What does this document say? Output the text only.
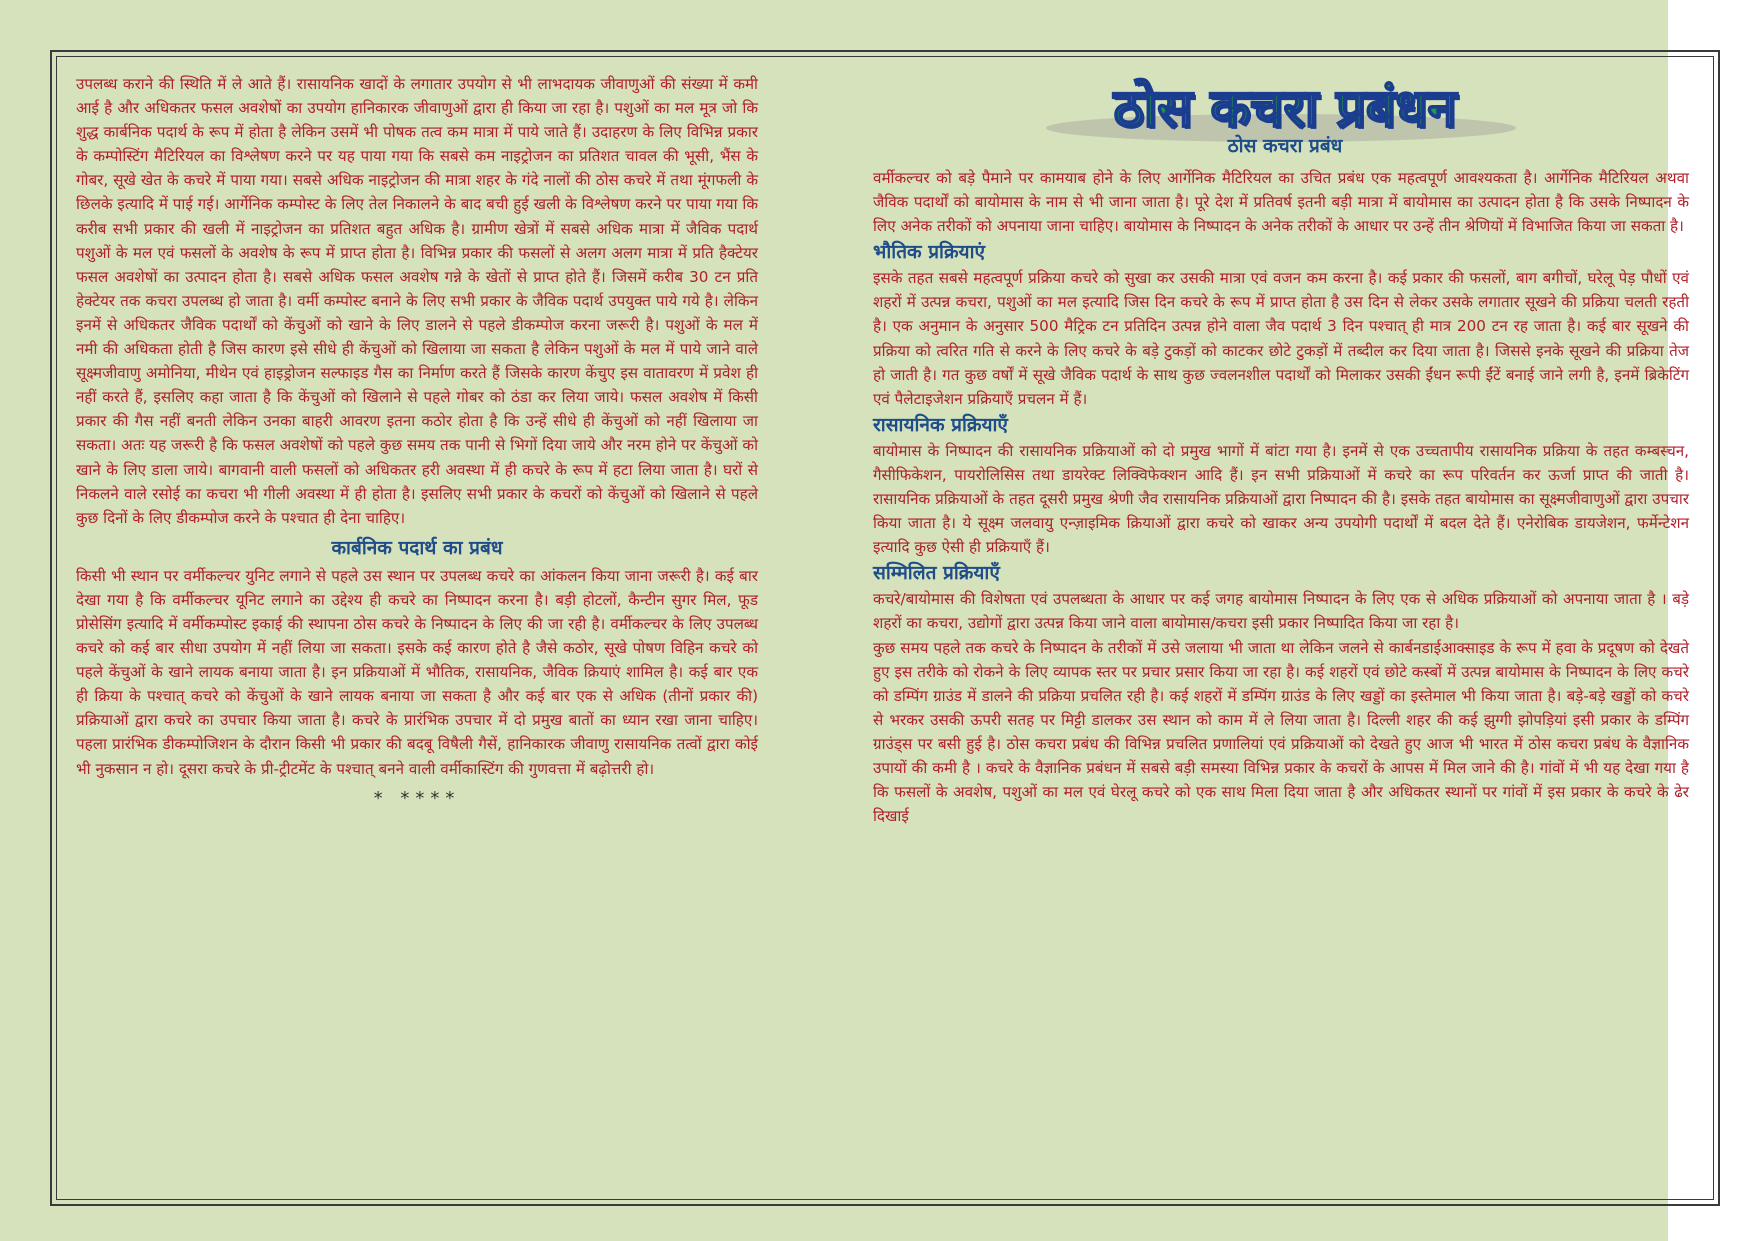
उपलब्ध कराने की स्थिति में ले आते हैं। रासायनिक खादों के लगातार उपयोग से भी लाभदायक जीवाणुओं की संख्या में कमी आई है और अधिकतर फसल अवशेषों का उपयोग हानिकारक जीवाणुओं द्वारा ही किया जा रहा है। पशुओं का मल मूत्र जो कि शुद्ध कार्बनिक पदार्थ के रूप में होता है लेकिन उसमें भी पोषक तत्व कम मात्रा में पाये जाते हैं। उदाहरण के लिए विभिन्न प्रकार के कम्पोस्टिंग मैटिरियल का विश्लेषण करने पर यह पाया गया कि सबसे कम नाइट्रोजन का प्रतिशत चावल की भूसी, भैंस के गोबर, सूखे खेत के कचरे में पाया गया। सबसे अधिक नाइट्रोजन की मात्रा शहर के गंदे नालों की ठोस कचरे में तथा मूंगफली के छिलके इत्यादि में पाई गई। आर्गेनिक कम्पोस्ट के लिए तेल निकालने के बाद बची हुई खली के विश्लेषण करने पर पाया गया कि करीब सभी प्रकार की खली में नाइट्रोजन का प्रतिशत बहुत अधिक है। ग्रामीण खेत्रों में सबसे अधिक मात्रा में जैविक पदार्थ पशुओं के मल एवं फसलों के अवशेष के रूप में प्राप्त होता है। विभिन्न प्रकार की फसलों से अलग अलग मात्रा में प्रति हैक्टेयर फसल अवशेषों का उत्पादन होता है। सबसे अधिक फसल अवशेष गन्ने के खेतों से प्राप्त होते हैं। जिसमें करीब 30 टन प्रति हेक्टेयर तक कचरा उपलब्ध हो जाता है। वर्मी कम्पोस्ट बनाने के लिए सभी प्रकार के जैविक पदार्थ उपयुक्त पाये गये है। लेकिन इनमें से अधिकतर जैविक पदार्थों को केंचुओं को खाने के लिए डालने से पहले डीकम्पोज करना जरूरी है। पशुओं के मल में नमी की अधिकता होती है जिस कारण इसे सीधे ही केंचुओं को खिलाया जा सकता है लेकिन पशुओं के मल में पाये जाने वाले सूक्ष्मजीवाणु अमोनिया, मीथेन एवं हाइड्रोजन सल्फाइड गैस का निर्माण करते हैं जिसके कारण केंचुए इस वातावरण में प्रवेश ही नहीं करते हैं, इसलिए कहा जाता है कि केंचुओं को खिलाने से पहले गोबर को ठंडा कर लिया जाये। फसल अवशेष में किसी प्रकार की गैस नहीं बनती लेकिन उनका बाहरी आवरण इतना कठोर होता है कि उन्हें सीधे ही केंचुओं को नहीं खिलाया जा सकता। अतः यह जरूरी है कि फसल अवशेषों को पहले कुछ समय तक पानी से भिगों दिया जाये और नरम होने पर केंचुओं को खाने के लिए डाला जाये। बागवानी वाली फसलों को अधिकतर हरी अवस्था में ही कचरे के रूप में हटा लिया जाता है। घरों से निकलने वाले रसोई का कचरा भी गीली अवस्था में ही होता है। इसलिए सभी प्रकार के कचरों को केंचुओं को खिलाने से पहले कुछ दिनों के लिए डीकम्पोज करने के पश्चात ही देना चाहिए।

कार्बनिक पदार्थ का प्रबंध

किसी भी स्थान पर वर्मीकल्चर युनिट लगाने से पहले उस स्थान पर उपलब्ध कचरे का आंकलन किया जाना जरूरी है। कई बार देखा गया है कि वर्मीकल्चर यूनिट लगाने का उद्देश्य ही कचरे का निष्पादन करना है। बड़ी होटलों, कैन्टीन सुगर मिल, फूड प्रोसेसिंग इत्यादि में वर्मीकम्पोस्ट इकाई की स्थापना ठोस कचरे के निष्पादन के लिए की जा रही है। वर्मीकल्चर के लिए उपलब्ध कचरे को कई बार सीधा उपयोग में नहीं लिया जा सकता। इसके कई कारण होते है जैसे कठोर, सूखे पोषण विहिन कचरे को पहले केंचुओं के खाने लायक बनाया जाता है। इन प्रक्रियाओं में भौतिक, रासायनिक, जैविक क्रियाएं शामिल है। कई बार एक ही क्रिया के पश्चात् कचरे को केंचुओं के खाने लायक बनाया जा सकता है और कई बार एक से अधिक (तीनों प्रकार की) प्रक्रियाओं द्वारा कचरे का उपचार किया जाता है। कचरे के प्रारंभिक उपचार में दो प्रमुख बातों का ध्यान रखा जाना चाहिए। पहला प्रारंभिक डीकम्पोजिशन के दौरान किसी भी प्रकार की बदबू विषैली गैसें, हानिकारक जीवाणु रासायनिक तत्वों द्वारा कोई भी नुकसान न हो। दूसरा कचरे के प्री-ट्रीटमेंट के पश्चात् बनने वाली वर्मीकास्टिंग की गुणवत्ता में बढ़ोत्तरी हो।

* ****
ठोस कचरा प्रबंधन
ठोस कचरा प्रबंध

वर्मीकल्चर को बड़े पैमाने पर कामयाब होने के लिए आर्गेनिक मैटिरियल का उचित प्रबंध एक महत्वपूर्ण आवश्यकता है। आर्गेनिक मैटिरियल अथवा जैविक पदार्थों को बायोमास के नाम से भी जाना जाता है। पूरे देश में प्रतिवर्ष इतनी बड़ी मात्रा में बायोमास का उत्पादन होता है कि उसके निष्पादन के लिए अनेक तरीकों को अपनाया जाना चाहिए। बायोमास के निष्पादन के अनेक तरीकों के आधार पर उन्हें तीन श्रेणियों में विभाजित किया जा सकता है।

भौतिक प्रक्रियाएं

इसके तहत सबसे महत्वपूर्ण प्रक्रिया कचरे को सुखा कर उसकी मात्रा एवं वजन कम करना है। कई प्रकार की फसलों, बाग बगीचों, घरेलू पेड़ पौधों एवं शहरों में उत्पन्न कचरा, पशुओं का मल इत्यादि जिस दिन कचरे के रूप में प्राप्त होता है उस दिन से लेकर उसके लगातार सूखने की प्रक्रिया चलती रहती है। एक अनुमान के अनुसार 500 मैट्रिक टन प्रतिदिन उत्पन्न होने वाला जैव पदार्थ 3 दिन पश्चात् ही मात्र 200 टन रह जाता है। कई बार सूखने की प्रक्रिया को त्वरित गति से करने के लिए कचरे के बड़े टुकड़ों को काटकर छोटे टुकड़ों में तब्दील कर दिया जाता है। जिससे इनके सूखने की प्रक्रिया तेज हो जाती है। गत कुछ वर्षों में सूखे जैविक पदार्थ के साथ कुछ ज्वलनशील पदार्थों को मिलाकर उसकी ईंधन रूपी ईंटें बनाई जाने लगी है, इनमें ब्रिकेटिंग एवं पैलेटाइजेशन प्रक्रियाएँ प्रचलन में हैं।

रासायनिक प्रक्रियाएँ

बायोमास के निष्पादन की रासायनिक प्रक्रियाओं को दो प्रमुख भागों में बांटा गया है। इनमें से एक उच्चतापीय रासायनिक प्रक्रिया के तहत कम्बस्चन, गैसीफिकेशन, पायरोलिसिस तथा डायरेक्ट लिक्विफेक्शन आदि हैं। इन सभी प्रक्रियाओं में कचरे का रूप परिवर्तन कर ऊर्जा प्राप्त की जाती है। रासायनिक प्रक्रियाओं के तहत दूसरी प्रमुख श्रेणी जैव रासायनिक प्रक्रियाओं द्वारा निष्पादन की है। इसके तहत बायोमास का सूक्ष्मजीवाणुओं द्वारा उपचार किया जाता है। ये सूक्ष्म जलवायु एन्ज़ाइमिक क्रियाओं द्वारा कचरे को खाकर अन्य उपयोगी पदार्थों में बदल देते हैं। एनेरोबिक डायजेशन, फर्मेन्टेशन इत्यादि कुछ ऐसी ही प्रक्रियाएँ हैं।

सम्मिलित प्रक्रियाएँ

कचरे/बायोमास की विशेषता एवं उपलब्धता के आधार पर कई जगह बायोमास निष्पादन के लिए एक से अधिक प्रक्रियाओं को अपनाया जाता है । बड़े शहरों का कचरा, उद्योगों द्वारा उत्पन्न किया जाने वाला बायोमास/कचरा इसी प्रकार निष्पादित किया जा रहा है।

कुछ समय पहले तक कचरे के निष्पादन के तरीकों में उसे जलाया भी जाता था लेकिन जलने से कार्बनडाईआक्साइड के रूप में हवा के प्रदूषण को देखते हुए इस तरीके को रोकने के लिए व्यापक स्तर पर प्रचार प्रसार किया जा रहा है। कई शहरों एवं छोटे कस्बों में उत्पन्न बायोमास के निष्पादन के लिए कचरे को डम्पिंग ग्राउंड में डालने की प्रक्रिया प्रचलित रही है। कई शहरों में डम्पिंग ग्राउंड के लिए खड्डों का इस्तेमाल भी किया जाता है। बड़े-बड़े खड्डों को कचरे से भरकर उसकी ऊपरी सतह पर मिट्टी डालकर उस स्थान को काम में ले लिया जाता है। दिल्ली शहर की कई झुग्गी झोपड़ियां इसी प्रकार के डम्पिंग ग्राउंड्स पर बसी हुई है। ठोस कचरा प्रबंध की विभिन्न प्रचलित प्रणालियां एवं प्रक्रियाओं को देखते हुए आज भी भारत में ठोस कचरा प्रबंध के वैज्ञानिक उपायों की कमी है । कचरे के वैज्ञानिक प्रबंधन में सबसे बड़ी समस्या विभिन्न प्रकार के कचरों के आपस में मिल जाने की है। गांवों में भी यह देखा गया है कि फसलों के अवशेष, पशुओं का मल एवं घेरलू कचरे को एक साथ मिला दिया जाता है और अधिकतर स्थानों पर गांवों में इस प्रकार के कचरे के ढेर दिखाई
